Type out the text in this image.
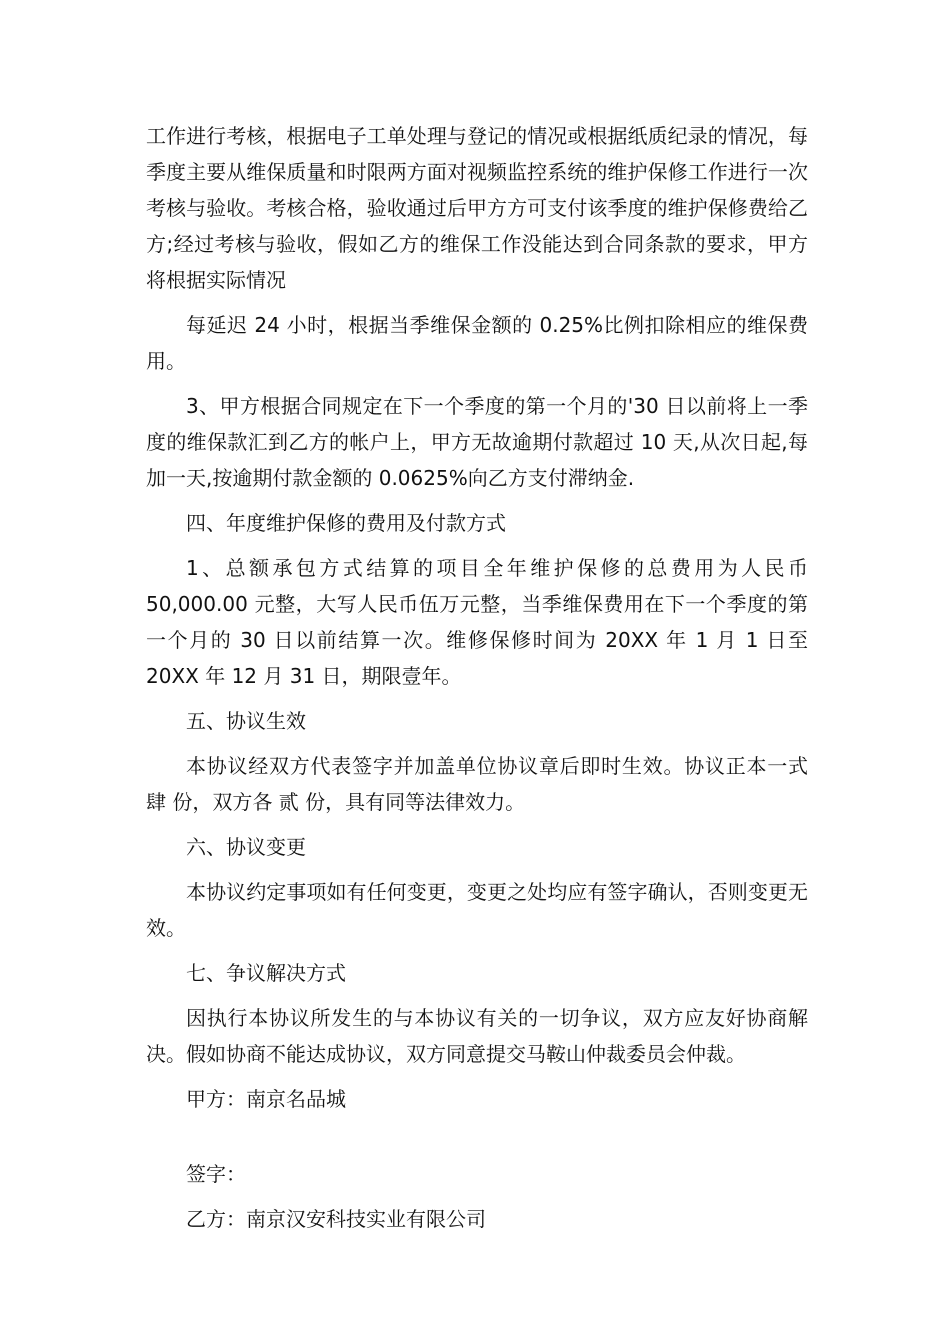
工作进行考核，根据电子工单处理与登记的情况或根据纸质纪录的情况，每季度主要从维保质量和时限两方面对视频监控系统的维护保修工作进行一次考核与验收。考核合格，验收通过后甲方方可支付该季度的维护保修费给乙方;经过考核与验收，假如乙方的维保工作没能达到合同条款的要求，甲方将根据实际情况

每延迟 24 小时，根据当季维保金额的 0.25%比例扣除相应的维保费用。

3、甲方根据合同规定在下一个季度的第一个月的'30 日以前将上一季度的维保款汇到乙方的帐户上，甲方无故逾期付款超过 10 天,从次日起,每加一天,按逾期付款金额的 0.0625%向乙方支付滞纳金.

四、年度维护保修的费用及付款方式

1、总额承包方式结算的项目全年维护保修的总费用为人民币 50,000.00 元整，大写人民币伍万元整，当季维保费用在下一个季度的第一个月的 30 日以前结算一次。维修保修时间为 20XX 年 1 月 1 日至 20XX 年 12 月 31 日，期限壹年。

五、协议生效

本协议经双方代表签字并加盖单位协议章后即时生效。协议正本一式 肆 份，双方各 贰 份，具有同等法律效力。

六、协议变更

本协议约定事项如有任何变更，变更之处均应有签字确认，否则变更无效。

七、争议解决方式

因执行本协议所发生的与本协议有关的一切争议，双方应友好协商解决。假如协商不能达成协议，双方同意提交马鞍山仲裁委员会仲裁。

甲方：南京名品城

签字：

乙方：南京汉安科技实业有限公司
